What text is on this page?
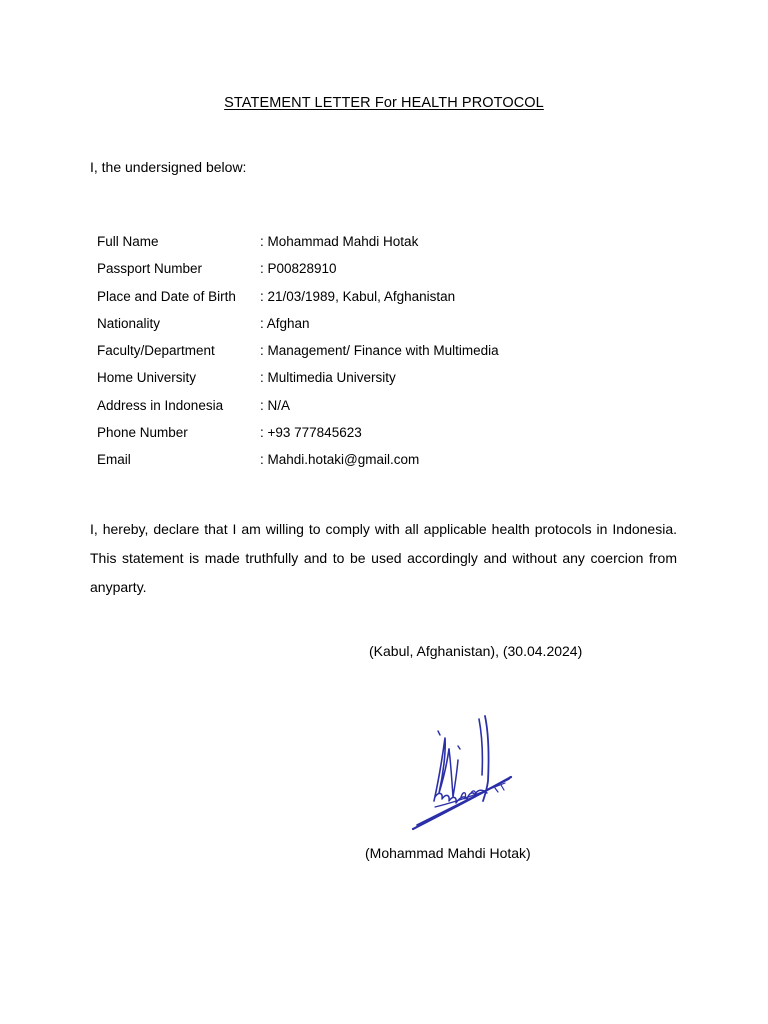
STATEMENT LETTER For HEALTH PROTOCOL
I, the undersigned below:
Full Name	: Mohammad Mahdi Hotak
Passport Number	: P00828910
Place and Date of Birth : 21/03/1989, Kabul, Afghanistan
Nationality	: Afghan
Faculty/Department	: Management/ Finance with Multimedia
Home University	: Multimedia University
Address in Indonesia	: N/A
Phone Number	: +93 777845623
Email	: Mahdi.hotaki@gmail.com
I, hereby, declare that I am willing to comply with all applicable health protocols in Indonesia. This statement is made truthfully and to be used accordingly and without any coercion from anyparty.
(Kabul, Afghanistan), (30.04.2024)
(Mohammad Mahdi Hotak)
